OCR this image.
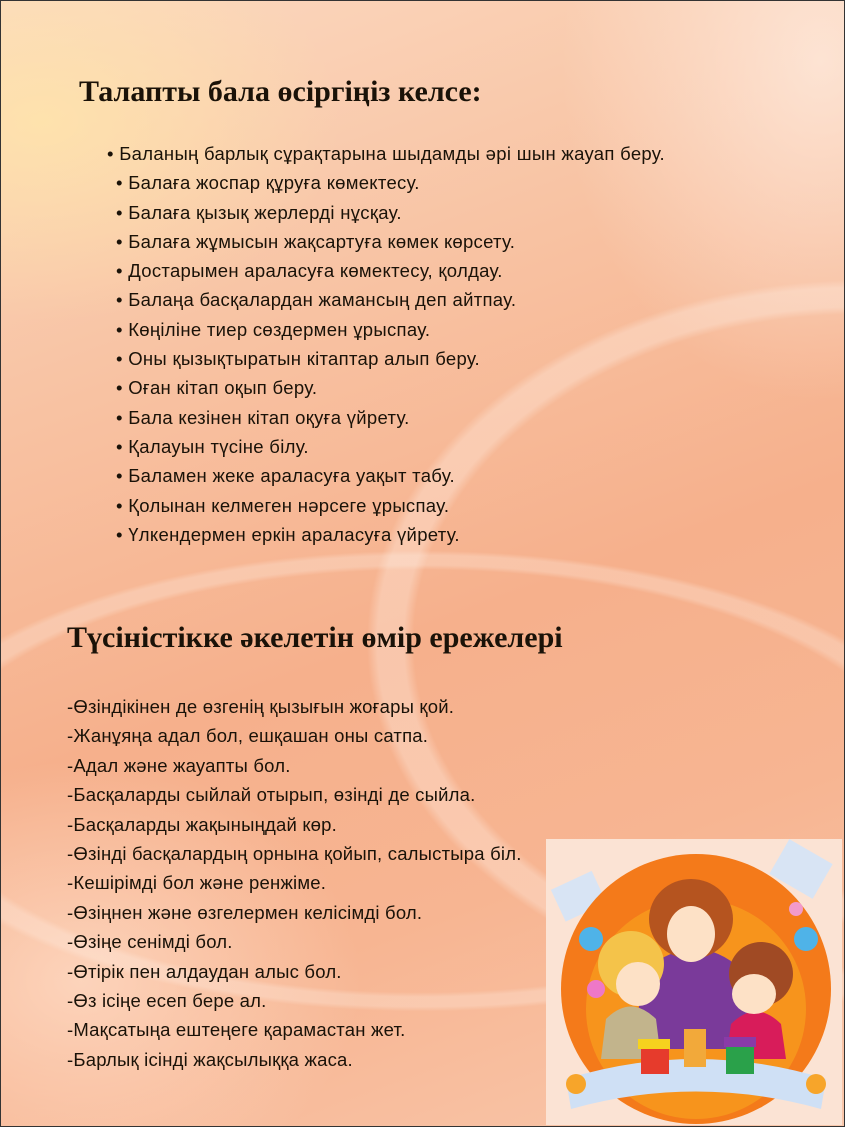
Талапты бала өсіргіңіз келсе:
• Баланың барлық сұрақтарына шыдамды әрі шын жауап беру.
• Балаға жоспар құруға көмектесу.
• Балаға қызық жерлерді нұсқау.
• Балаға жұмысын жақсартуға көмек көрсету.
• Достарымен араласуға көмектесу, қолдау.
• Балаңа басқалардан жамансың деп айтпау.
• Көңіліне тиер сөздермен ұрыспау.
• Оны қызықтыратын кітаптар алып беру.
• Оған кітап оқып беру.
• Бала кезінен кітап оқуға үйрету.
• Қалауын түсіне білу.
• Баламен жеке араласуға уақыт табу.
• Қолынан келмеген нәрсеге ұрыспау.
• Үлкендермен еркін араласуға үйрету.
Түсіністікке әкелетін өмір ережелері
-Өзіндікінен де өзгенің қызығын жоғары қой.
-Жанұяңа адал бол, ешқашан оны сатпа.
-Адал және жауапты бол.
-Басқаларды сыйлай отырып, өзінді де сыйла.
-Басқаларды жақыныңдай көр.
-Өзінді басқалардың орнына қойып, салыстыра біл.
-Кешірімді бол және ренжіме.
-Өзіңнен және өзгелермен келісімді бол.
-Өзіңе сенімді бол.
-Өтірік пен алдаудан алыс бол.
-Өз ісіңе есеп бере ал.
-Мақсатыңа ештеңеге қарамастан жет.
-Барлық ісінді жақсылыққа жаса.
